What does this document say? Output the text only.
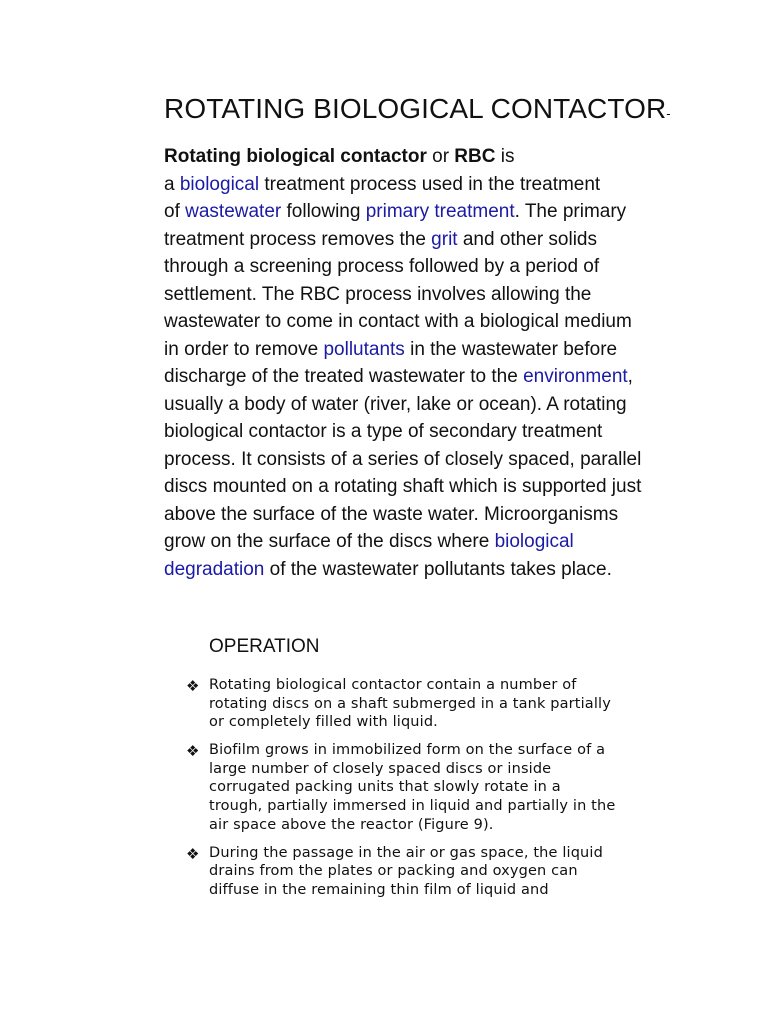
ROTATING BIOLOGICAL CONTACTOR-
Rotating biological contactor or RBC is
a biological treatment process used in the treatment
of wastewater following primary treatment. The primary
treatment process removes the grit and other solids
through a screening process followed by a period of
settlement. The RBC process involves allowing the
wastewater to come in contact with a biological medium
in order to remove pollutants in the wastewater before
discharge of the treated wastewater to the environment,
usually a body of water (river, lake or ocean). A rotating
biological contactor is a type of secondary treatment
process. It consists of a series of closely spaced, parallel
discs mounted on a rotating shaft which is supported just
above the surface of the waste water. Microorganisms
grow on the surface of the discs where biological
degradation of the wastewater pollutants takes place.
OPERATION
❖ Rotating biological contactor contain a number of
rotating discs on a shaft submerged in a tank partially
or completely filled with liquid.
❖ Biofilm grows in immobilized form on the surface of a
large number of closely spaced discs or inside
corrugated packing units that slowly rotate in a
trough, partially immersed in liquid and partially in the
air space above the reactor (Figure 9).
❖ During the passage in the air or gas space, the liquid
drains from the plates or packing and oxygen can
diffuse in the remaining thin film of liquid and
